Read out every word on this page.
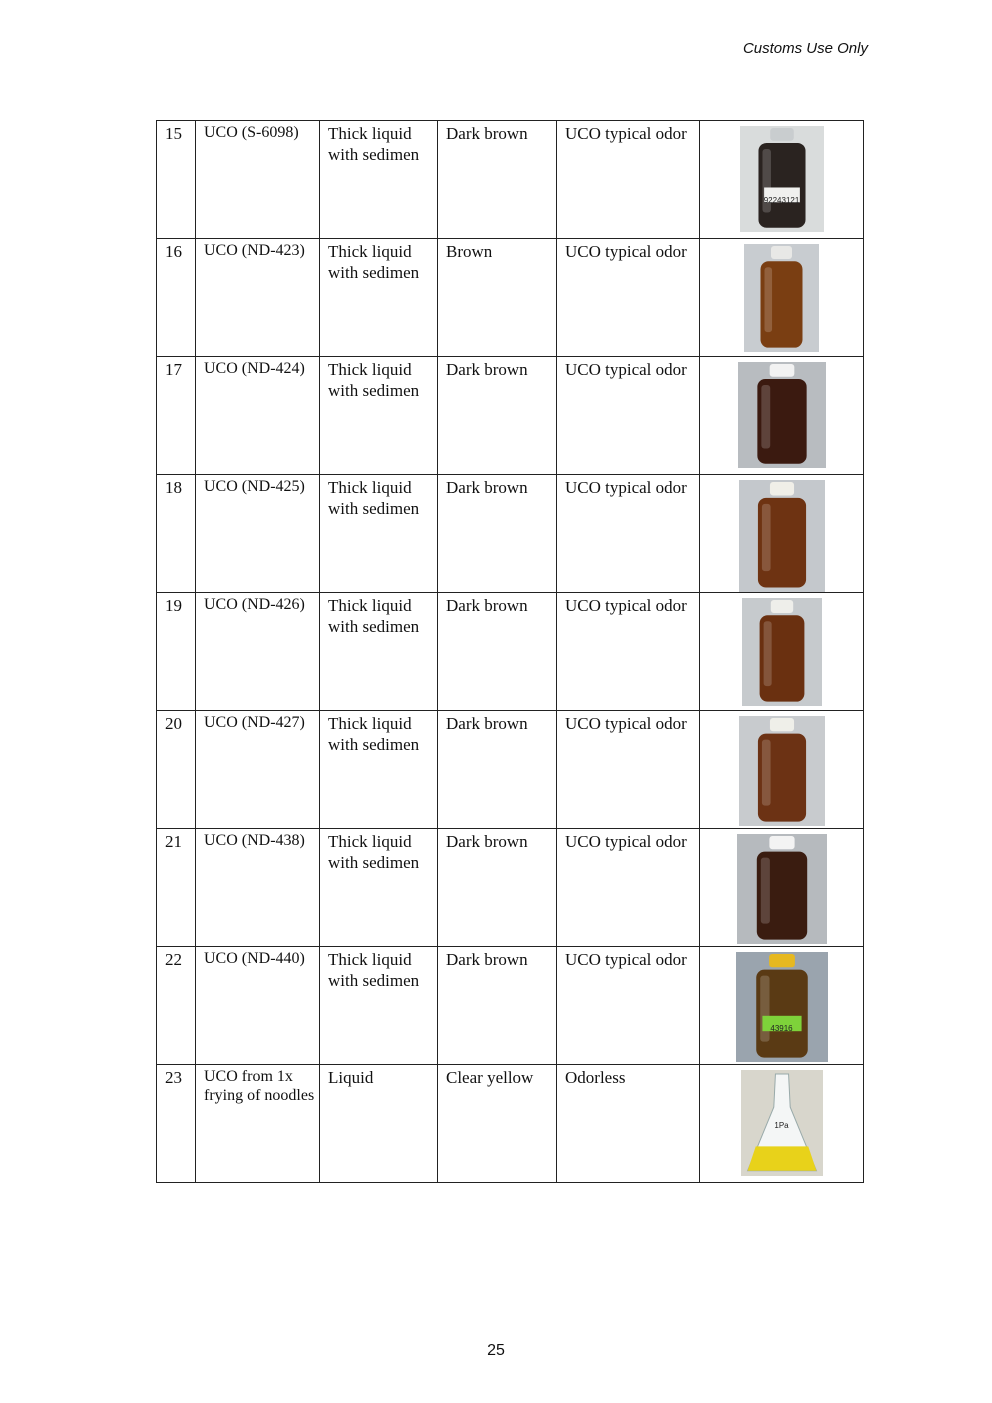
Customs Use Only
15	UCO (S-6098)	Thick liquid with sedimen	Dark brown	UCO typical odor	92243121

16	UCO (ND-423)	Thick liquid with sedimen	Brown	UCO typical odor	

17	UCO (ND-424)	Thick liquid with sedimen	Dark brown	UCO typical odor	

18	UCO (ND-425)	Thick liquid with sedimen	Dark brown	UCO typical odor	

19	UCO (ND-426)	Thick liquid with sedimen	Dark brown	UCO typical odor	

20	UCO (ND-427)	Thick liquid with sedimen	Dark brown	UCO typical odor	

21	UCO (ND-438)	Thick liquid with sedimen	Dark brown	UCO typical odor	

22	UCO (ND-440)	Thick liquid with sedimen	Dark brown	UCO typical odor	43916

23	UCO from 1x frying of noodles	Liquid	Clear yellow	Odorless	1Pa
25
